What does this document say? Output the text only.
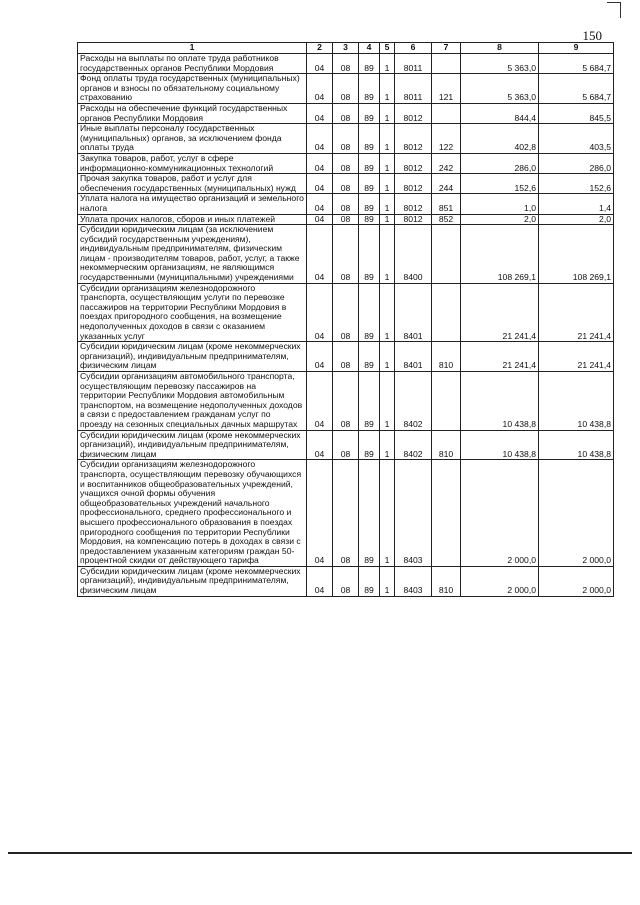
150
1	2	3	4	5	6	7	8	9
Расходы на выплаты по оплате труда работников государственных органов Республики Мордовия	04	08	89	1	8011		5 363,0	5 684,7
Фонд оплаты труда государственных (муниципальных) органов и взносы по обязательному социальному страхованию	04	08	89	1	8011	121	5 363,0	5 684,7
Расходы на обеспечение функций государственных органов Республики Мордовия	04	08	89	1	8012		844,4	845,5
Иные выплаты персоналу государственных (муниципальных) органов, за исключением фонда оплаты труда	04	08	89	1	8012	122	402,8	403,5
Закупка товаров, работ, услуг в сфере информационно-коммуникационных технологий	04	08	89	1	8012	242	286,0	286,0
Прочая закупка товаров, работ и услуг для обеспечения государственных (муниципальных) нужд	04	08	89	1	8012	244	152,6	152,6
Уплата налога на имущество организаций и земельного налога	04	08	89	1	8012	851	1,0	1,4
Уплата прочих налогов, сборов и иных платежей	04	08	89	1	8012	852	2,0	2,0
Субсидии юридическим лицам (за исключением субсидий государственным учреждениям), индивидуальным предпринимателям, физическим лицам - производителям товаров, работ, услуг, а также некоммерческим организациям, не являющимся государственными (муниципальными) учреждениями	04	08	89	1	8400		108 269,1	108 269,1
Субсидии организациям железнодорожного транспорта, осуществляющим услуги по перевозке пассажиров на территории Республики Мордовия в поездах пригородного сообщения, на возмещение недополученных доходов в связи с оказанием указанных услуг	04	08	89	1	8401		21 241,4	21 241,4
Субсидии юридическим лицам (кроме некоммерческих организаций), индивидуальным предпринимателям, физическим лицам	04	08	89	1	8401	810	21 241,4	21 241,4
Субсидии организациям автомобильного транспорта, осуществляющим перевозку пассажиров на территории Республики Мордовия автомобильным транспортом, на возмещение недополученных доходов в связи с предоставлением гражданам услуг по проезду на сезонных специальных дачных маршрутах	04	08	89	1	8402		10 438,8	10 438,8
Субсидии юридическим лицам (кроме некоммерческих организаций), индивидуальным предпринимателям, физическим лицам	04	08	89	1	8402	810	10 438,8	10 438,8
Субсидии организациям железнодорожного транспорта, осуществляющим перевозку обучающихся и воспитанников общеобразовательных учреждений, учащихся очной формы обучения общеобразовательных учреждений начального профессионального, среднего профессионального и высшего профессионального образования в поездах пригородного сообщения по территории Республики Мордовия, на компенсацию потерь в доходах в связи с предоставлением указанным категориям граждан 50-процентной скидки от действующего тарифа	04	08	89	1	8403		2 000,0	2 000,0
Субсидии юридическим лицам (кроме некоммерческих организаций), индивидуальным предпринимателям, физическим лицам	04	08	89	1	8403	810	2 000,0	2 000,0
